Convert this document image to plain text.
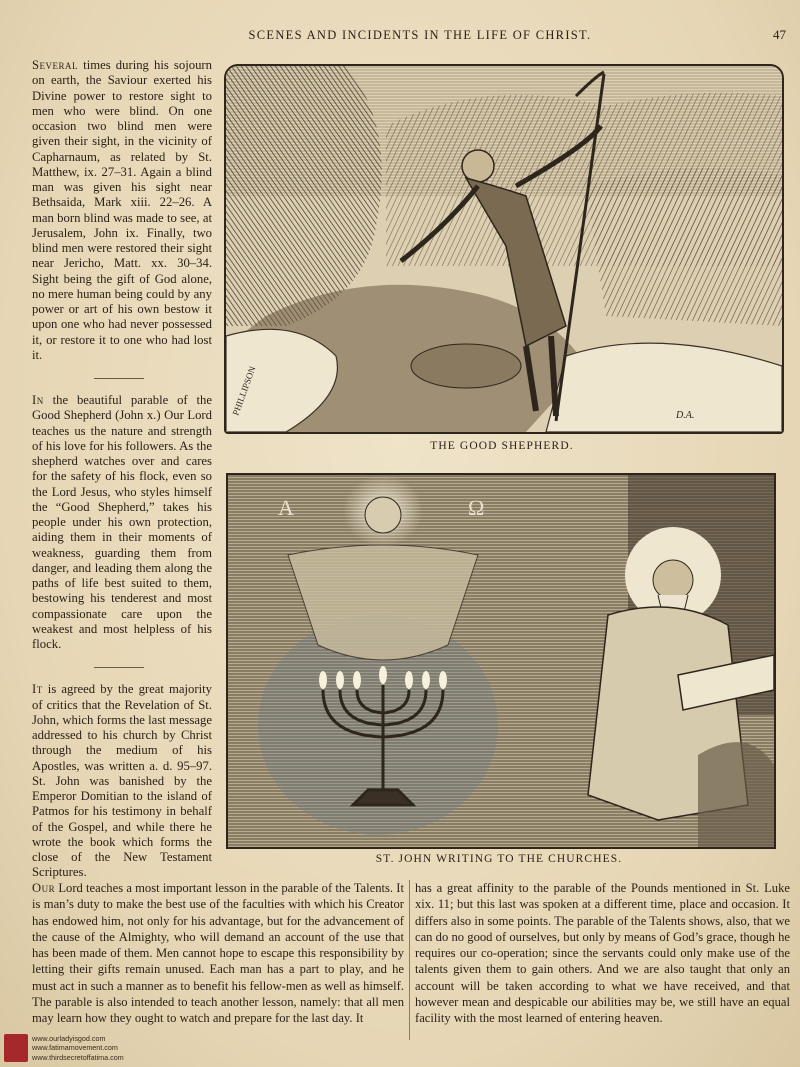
SCENES AND INCIDENTS IN THE LIFE OF CHRIST.	47

Several times during his sojourn on earth, the Saviour exerted his Divine power to restore sight to men who were blind. On one occasion two blind men were given their sight, in the vicinity of Capharnaum, as related by St. Matthew, ix. 27–31. Again a blind man was given his sight near Bethsaida, Mark xiii. 22–26. A man born blind was made to see, at Jerusalem, John ix. Finally, two blind men were restored their sight near Jericho, Matt. xx. 30–34. Sight being the gift of God alone, no mere human being could by any power or art of his own bestow it upon one who had never possessed it, or restore it to one who had lost it.

In the beautiful parable of the Good Shepherd (John x.) Our Lord teaches us the nature and strength of his love for his followers. As the shepherd watches over and cares for the safety of his flock, even so the Lord Jesus, who styles himself the “Good Shepherd,” takes his people under his own protection, aiding them in their moments of weakness, guarding them from danger, and leading them along the paths of life best suited to them, bestowing his tenderest and most compassionate care upon the weakest and most helpless of his flock.

It is agreed by the great majority of critics that the Revelation of St. John, which forms the last message addressed to his church by Christ through the medium of his Apostles, was written a. d. 95–97. St. John was banished by the Emperor Domitian to the island of Patmos for his testimony in behalf of the Gospel, and while there he wrote the book which forms the close of the New Testament Scriptures.

PHILLIPSON	D.A.
THE GOOD SHEPHERD.
A	Ω
ST. JOHN WRITING TO THE CHURCHES.
Our Lord teaches a most important lesson in the parable of the Talents. It is man’s duty to make the best use of the faculties with which his Creator has endowed him, not only for his advantage, but for the advancement of the cause of the Almighty, who will demand an account of the use that has been made of them. Men cannot hope to escape this responsibility by letting their gifts remain unused. Each man has a part to play, and he must act in such a manner as to benefit his fellow-men as well as himself. The parable is also intended to teach another lesson, namely: that all men may learn how they ought to watch and prepare for the last day. It
has a great affinity to the parable of the Pounds mentioned in St. Luke xix. 11; but this last was spoken at a different time, place and occasion. It differs also in some points. The parable of the Talents shows, also, that we can do no good of ourselves, but only by means of God’s grace, though he requires our co-operation; since the servants could only make use of the talents given them to gain others. And we are also taught that only an account will be taken according to what we have received, and that however mean and despicable our abilities may be, we still have an equal facility with the most learned of entering heaven.
www.ourladyisgod.com
www.fatimamovement.com
www.thirdsecretoffatima.com
